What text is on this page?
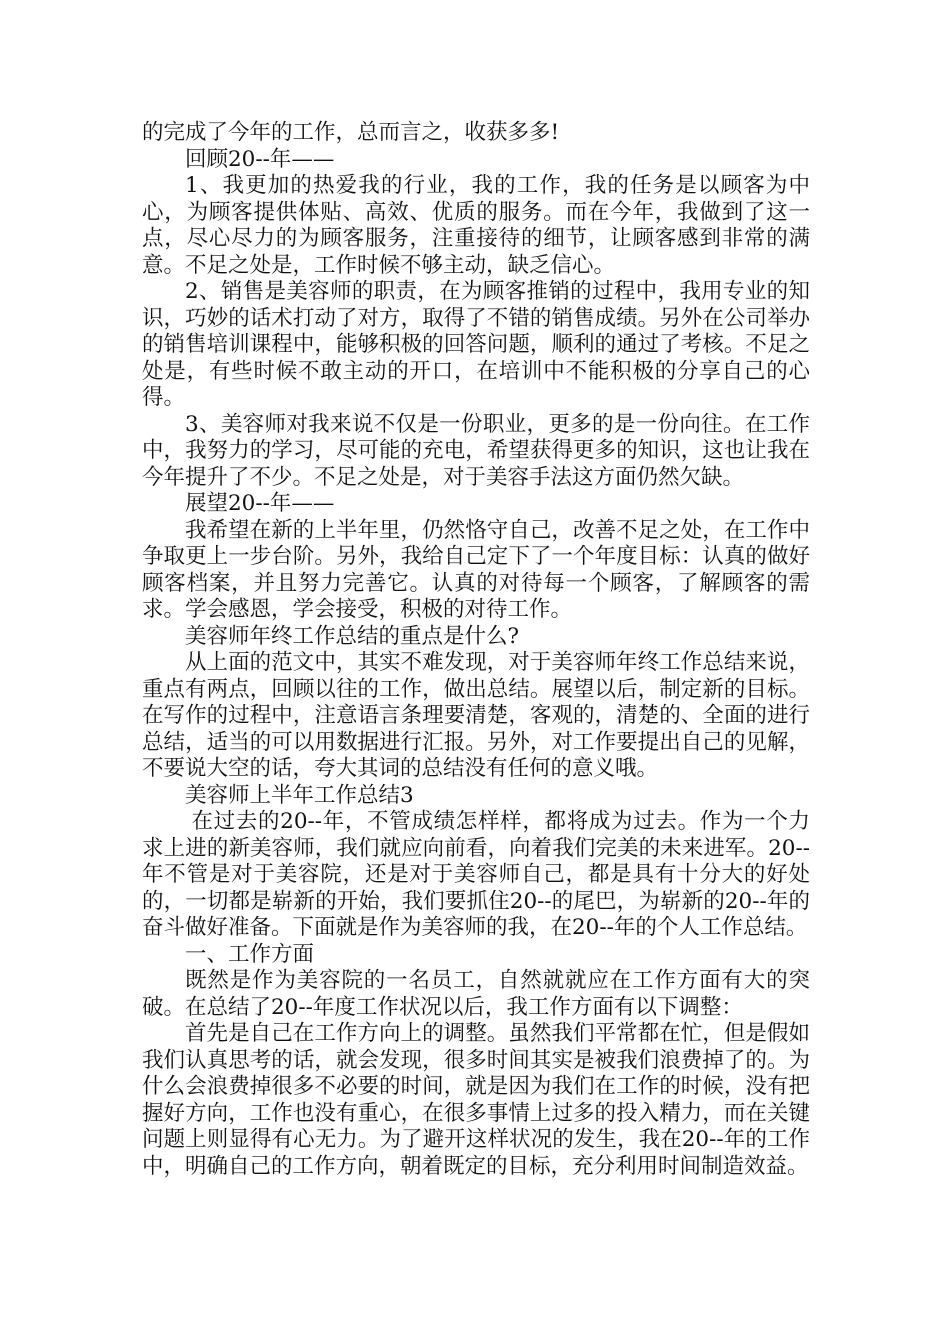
的完成了今年的工作，总而言之，收获多多!

回顾20--年——

1、我更加的热爱我的行业，我的工作，我的任务是以顾客为中心，为顾客提供体贴、高效、优质的服务。而在今年，我做到了这一点，尽心尽力的为顾客服务，注重接待的细节，让顾客感到非常的满意。不足之处是，工作时候不够主动，缺乏信心。

2、销售是美容师的职责，在为顾客推销的过程中，我用专业的知识，巧妙的话术打动了对方，取得了不错的销售成绩。另外在公司举办的销售培训课程中，能够积极的回答问题，顺利的通过了考核。不足之处是，有些时候不敢主动的开口，在培训中不能积极的分享自己的心得。

3、美容师对我来说不仅是一份职业，更多的是一份向往。在工作中，我努力的学习，尽可能的充电，希望获得更多的知识，这也让我在今年提升了不少。不足之处是，对于美容手法这方面仍然欠缺。

展望20--年——

我希望在新的上半年里，仍然恪守自己，改善不足之处，在工作中争取更上一步台阶。另外，我给自己定下了一个年度目标：认真的做好顾客档案，并且努力完善它。认真的对待每一个顾客，了解顾客的需求。学会感恩，学会接受，积极的对待工作。

美容师年终工作总结的重点是什么?

从上面的范文中，其实不难发现，对于美容师年终工作总结来说，重点有两点，回顾以往的工作，做出总结。展望以后，制定新的目标。在写作的过程中，注意语言条理要清楚，客观的，清楚的、全面的进行总结，适当的可以用数据进行汇报。另外，对工作要提出自己的见解，不要说大空的话，夸大其词的总结没有任何的意义哦。

美容师上半年工作总结3

在过去的20--年，不管成绩怎样样，都将成为过去。作为一个力求上进的新美容师，我们就应向前看，向着我们完美的未来进军。20--年不管是对于美容院，还是对于美容师自己，都是具有十分大的好处的，一切都是崭新的开始，我们要抓住20--的尾巴，为崭新的20--年的奋斗做好准备。下面就是作为美容师的我，在20--年的个人工作总结。

一、工作方面

既然是作为美容院的一名员工，自然就就应在工作方面有大的突破。在总结了20--年度工作状况以后，我工作方面有以下调整：

首先是自己在工作方向上的调整。虽然我们平常都在忙，但是假如我们认真思考的话，就会发现，很多时间其实是被我们浪费掉了的。为什么会浪费掉很多不必要的时间，就是因为我们在工作的时候，没有把握好方向，工作也没有重心，在很多事情上过多的投入精力，而在关键问题上则显得有心无力。为了避开这样状况的发生，我在20--年的工作中，明确自己的工作方向，朝着既定的目标，充分利用时间制造效益。
